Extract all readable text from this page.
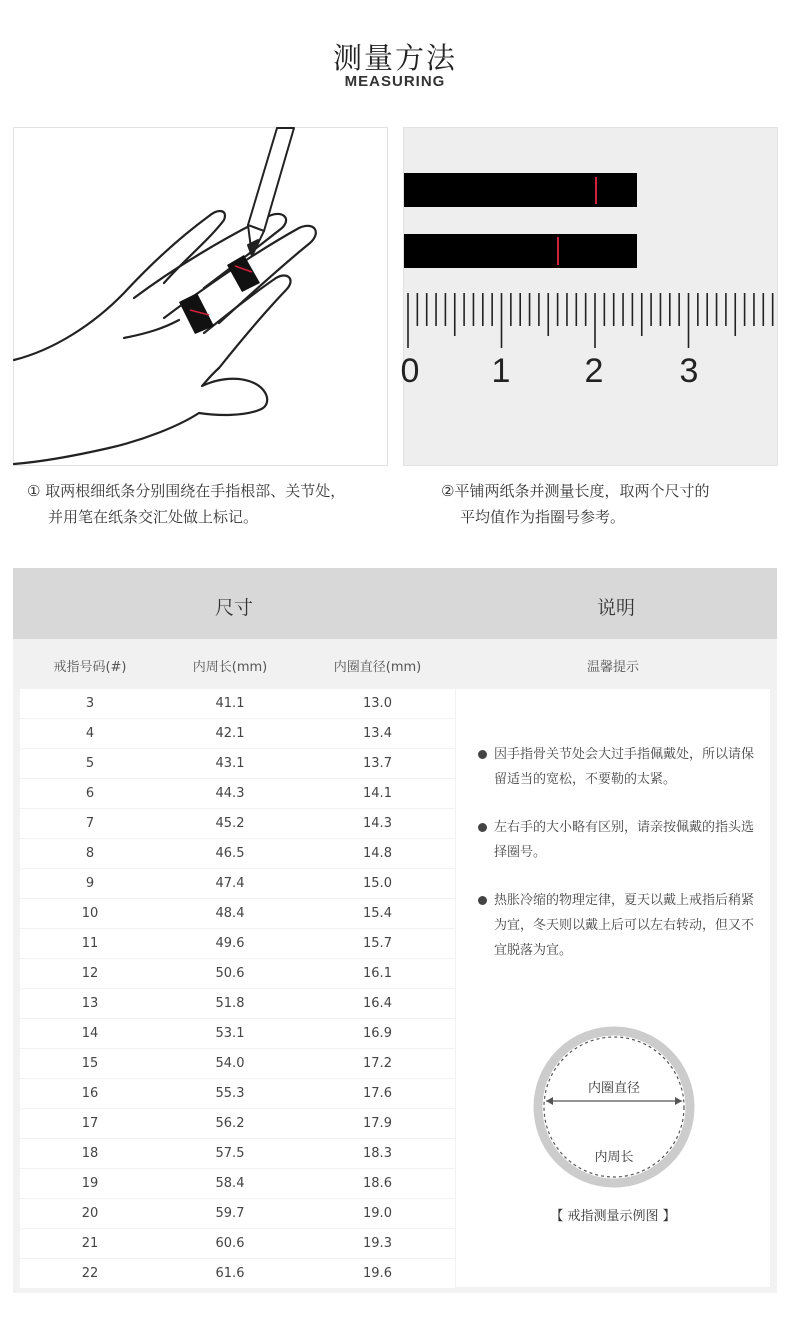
测量方法
MEASURING
0 1 2 3
① 取两根细纸条分别围绕在手指根部、关节处，
并用笔在纸条交汇处做上标记。
②平铺两纸条并测量长度，取两个尺寸的
平均值作为指圈号参考。
尺寸	说明
戒指号码(#)	内周长(mm)	内圈直径(mm)	温馨提示
3	41.1	13.0
4	42.1	13.4
5	43.1	13.7
6	44.3	14.1
7	45.2	14.3
8	46.5	14.8
9	47.4	15.0
10	48.4	15.4
11	49.6	15.7
12	50.6	16.1
13	51.8	16.4
14	53.1	16.9
15	54.0	17.2
16	55.3	17.6
17	56.2	17.9
18	57.5	18.3
19	58.4	18.6
20	59.7	19.0
21	60.6	19.3
22	61.6	19.6
因手指骨关节处会大过手指佩戴处，所以请保留适当的宽松，不要勒的太紧。
左右手的大小略有区别，请亲按佩戴的指头选择圈号。
热胀冷缩的物理定律，夏天以戴上戒指后稍紧为宜，冬天则以戴上后可以左右转动，但又不宜脱落为宜。
内圈直径
内周长
【 戒指测量示例图 】
